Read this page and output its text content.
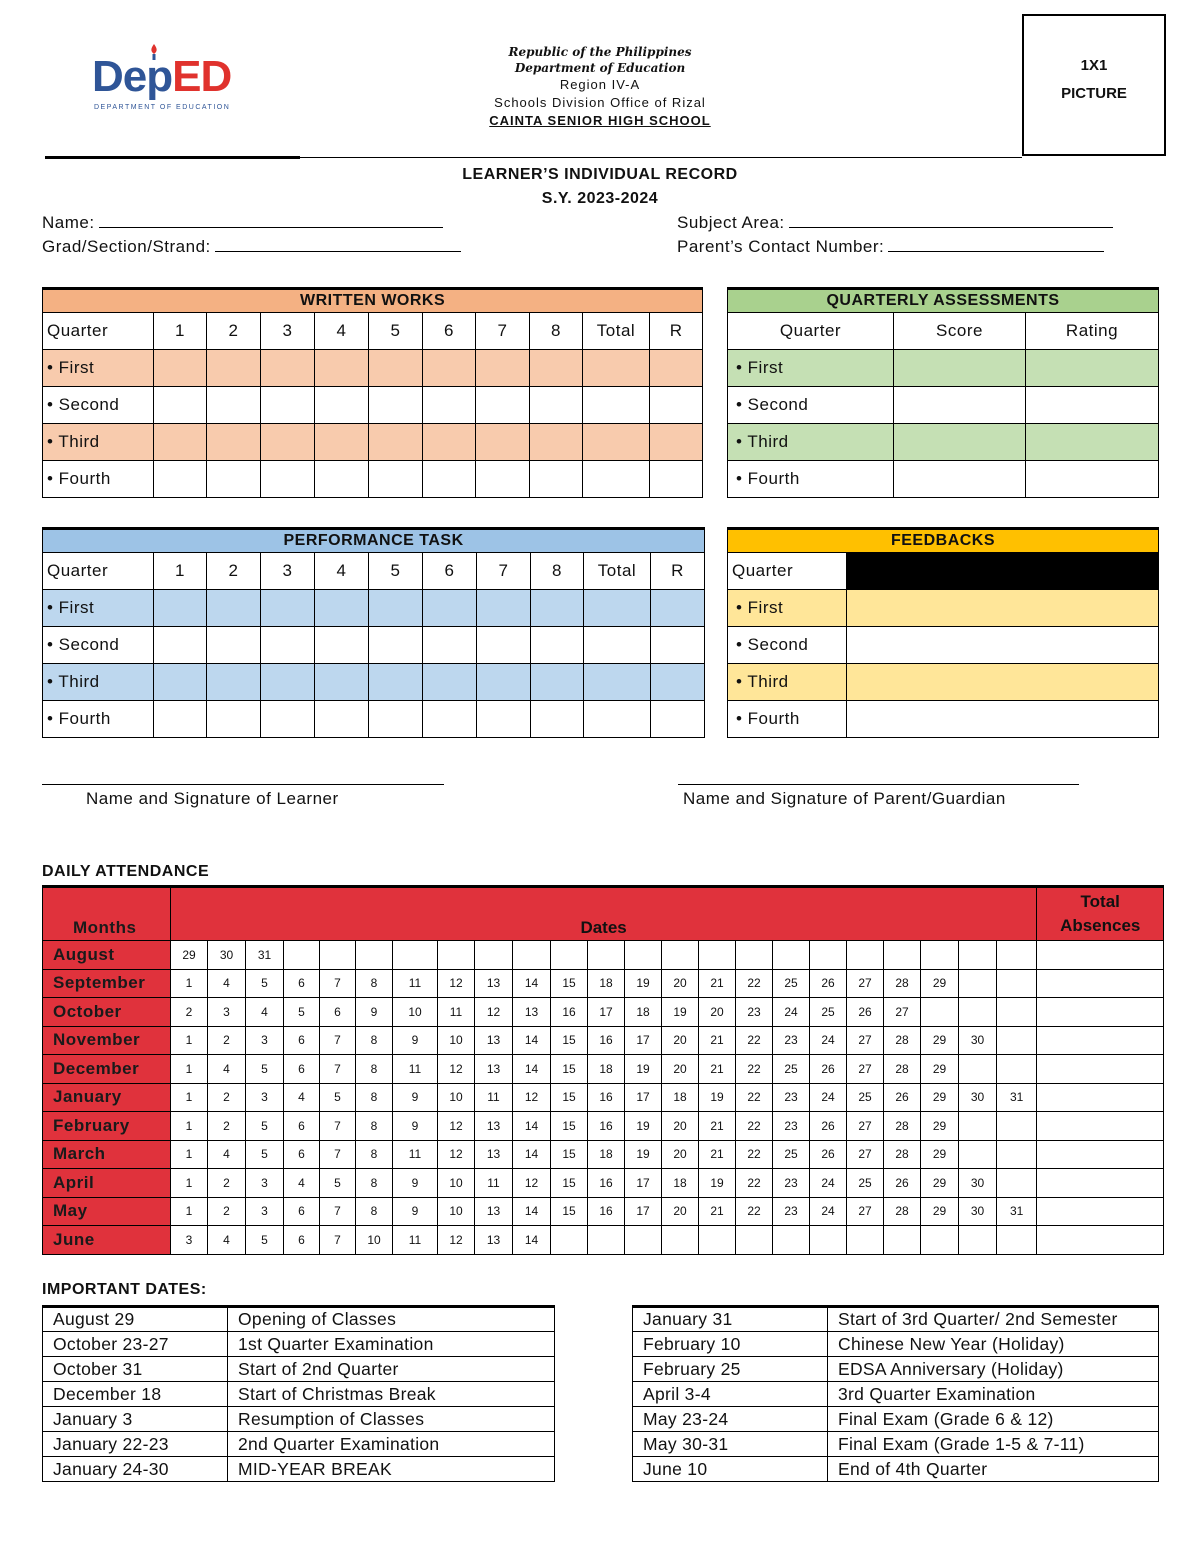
DepED
DEPARTMENT OF EDUCATION
Republic of the Philippines
Department of Education
Region IV-A
Schools Division Office of Rizal
CAINTA SENIOR HIGH SCHOOL
1X1
PICTURE
LEARNER’S INDIVIDUAL RECORD
S.Y. 2023-2024
Name:
Grad/Section/Strand:
Subject Area:
Parent’s Contact Number:
WRITTEN WORKS										
Quarter	1	2	3	4	5	6	7	8	Total	R
• First										
• Second										
• Third										
• Fourth										
QUARTERLY ASSESSMENTS		
Quarter	Score	Rating
• First		
• Second		
• Third		
• Fourth		
PERFORMANCE TASK										
Quarter	1	2	3	4	5	6	7	8	Total	R
• First										
• Second										
• Third										
• Fourth										
FEEDBACKS	
Quarter	
• First	
• Second	
• Third	
• Fourth	
Name and Signature of Learner	Name and Signature of Parent/Guardian
DAILY ATTENDANCE
Months	Dates																							Total
Absences

August	29	30	31																					
September	1	4	5	6	7	8	11	12	13	14	15	18	19	20	21	22	25	26	27	28	29			
October	2	3	4	5	6	9	10	11	12	13	16	17	18	19	20	23	24	25	26	27				
November	1	2	3	6	7	8	9	10	13	14	15	16	17	20	21	22	23	24	27	28	29	30		
December	1	4	5	6	7	8	11	12	13	14	15	18	19	20	21	22	25	26	27	28	29			
January	1	2	3	4	5	8	9	10	11	12	15	16	17	18	19	22	23	24	25	26	29	30	31	
February	1	2	5	6	7	8	9	12	13	14	15	16	19	20	21	22	23	26	27	28	29			
March	1	4	5	6	7	8	11	12	13	14	15	18	19	20	21	22	25	26	27	28	29			
April	1	2	3	4	5	8	9	10	11	12	15	16	17	18	19	22	23	24	25	26	29	30		
May	1	2	3	6	7	8	9	10	13	14	15	16	17	20	21	22	23	24	27	28	29	30	31	
June	3	4	5	6	7	10	11	12	13	14														
IMPORTANT DATES:
August 29	Opening of Classes
October 23-27	1st Quarter Examination
October 31	Start of 2nd Quarter
December 18	Start of Christmas Break
January 3	Resumption of Classes
January 22-23	2nd Quarter Examination
January 24-30	MID-YEAR BREAK
January 31	Start of 3rd Quarter/ 2nd Semester
February 10	Chinese New Year (Holiday)
February 25	EDSA Anniversary (Holiday)
April 3-4	3rd Quarter Examination
May 23-24	Final Exam (Grade 6 & 12)
May 30-31	Final Exam (Grade 1-5 & 7-11)
June 10	End of 4th Quarter
